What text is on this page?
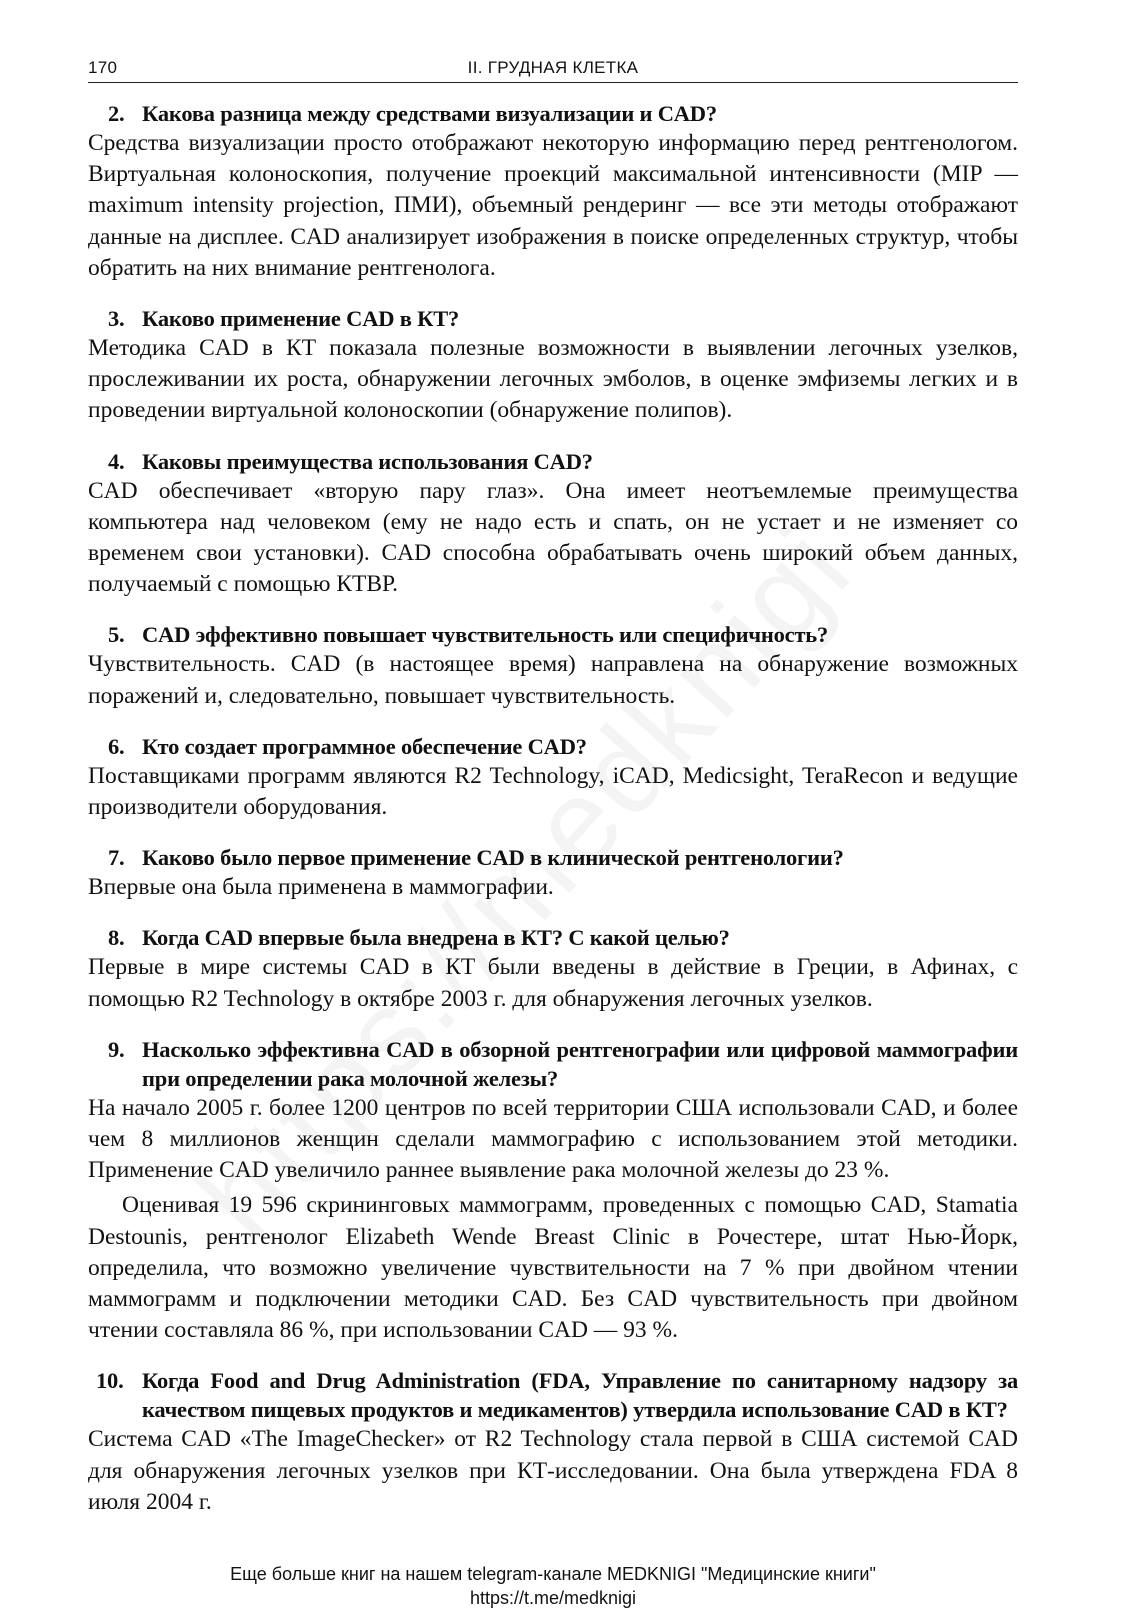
170	II. ГРУДНАЯ КЛЕТКА
2. Какова разница между средствами визуализации и CAD?

Средства визуализации просто отображают некоторую информацию перед рентгенологом. Виртуальная колоноскопия, получение проекций максимальной интенсивности (MIP — maximum intensity projection, ПМИ), объемный рендеринг — все эти методы отображают данные на дисплее. CAD анализирует изображения в поиске определенных структур, чтобы обратить на них внимание рентгенолога.

3. Каково применение CAD в КТ?

Методика CAD в КТ показала полезные возможности в выявлении легочных узелков, прослеживании их роста, обнаружении легочных эмболов, в оценке эмфиземы легких и в проведении виртуальной колоноскопии (обнаружение полипов).

4. Каковы преимущества использования CAD?

CAD обеспечивает «вторую пару глаз». Она имеет неотъемлемые преимущества компьютера над человеком (ему не надо есть и спать, он не устает и не изменяет со временем свои установки). CAD способна обрабатывать очень широкий объем данных, получаемый с помощью КТВР.

5. CAD эффективно повышает чувствительность или специфичность?

Чувствительность. CAD (в настоящее время) направлена на обнаружение возможных поражений и, следовательно, повышает чувствительность.

6. Кто создает программное обеспечение CAD?

Поставщиками программ являются R2 Technology, iCAD, Medicsight, TeraRecon и ведущие производители оборудования.

7. Каково было первое применение CAD в клинической рентгенологии?

Впервые она была применена в маммографии.

8. Когда CAD впервые была внедрена в КТ? С какой целью?

Первые в мире системы CAD в КТ были введены в действие в Греции, в Афинах, с помощью R2 Technology в октябре 2003 г. для обнаружения легочных узелков.

9. Насколько эффективна CAD в обзорной рентгенографии или цифровой маммографии при определении рака молочной железы?

На начало 2005 г. более 1200 центров по всей территории США использовали CAD, и более чем 8 миллионов женщин сделали маммографию с использованием этой методики. Применение CAD увеличило раннее выявление рака молочной железы до 23 %.

Оценивая 19 596 скрининговых маммограмм, проведенных с помощью CAD, Stamatia Destounis, рентгенолог Elizabeth Wende Breast Clinic в Рочестере, штат Нью-Йорк, определила, что возможно увеличение чувствительности на 7 % при двойном чтении маммограмм и подключении методики CAD. Без CAD чувствительность при двойном чтении составляла 86 %, при использовании CAD — 93 %.

10. Когда Food and Drug Administration (FDA, Управление по санитарному надзору за качеством пищевых продуктов и медикаментов) утвердила использование CAD в КТ?

Система CAD «The ImageChecker» от R2 Technology стала первой в США системой CAD для обнаружения легочных узелков при КТ-исследовании. Она была утверждена FDA 8 июля 2004 г.

Еще больше книг на нашем telegram-канале MEDKNIGI "Медицинские книги"
https://t.me/medknigi
